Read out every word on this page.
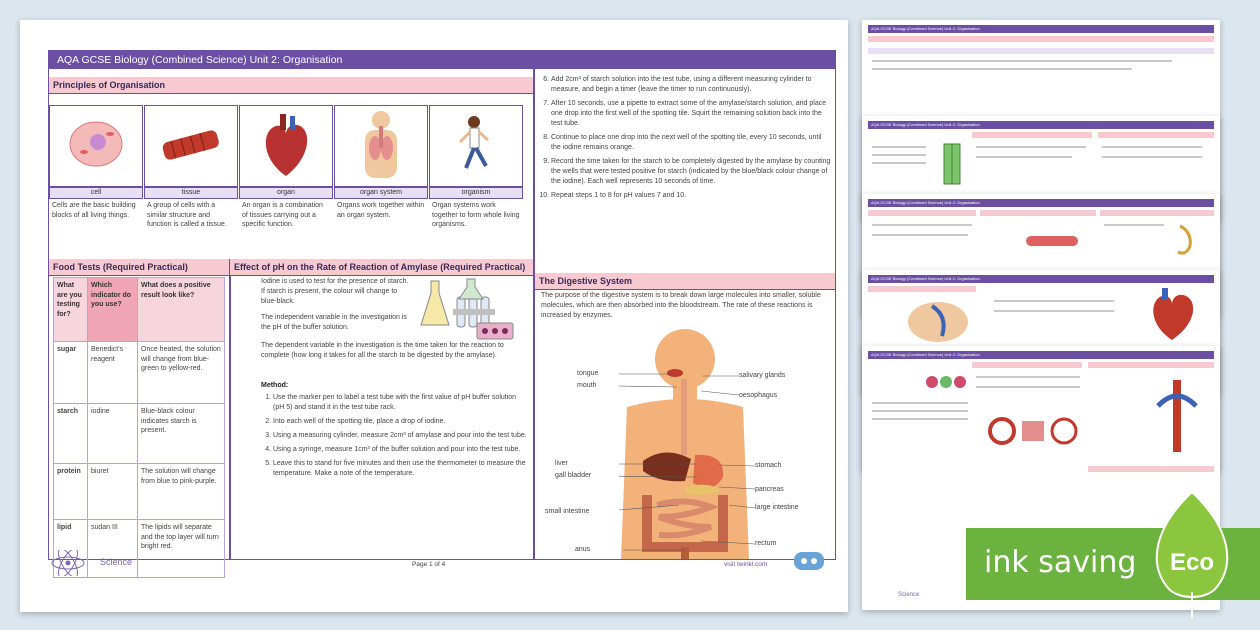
AQA GCSE Biology (Combined Science) Unit 2: Organisation
Principles of Organisation
cell	tissue	organ	organ system	organism
Cells are the basic building blocks of all living things.
A group of cells with a similar structure and function is called a tissue.
An organ is a combination of tissues carrying out a specific function.
Organs work together within an organ system.
Organ systems work together to form whole living organisms.
Food Tests (Required Practical)
What are you testing for?	Which indicator do you use?	What does a positive result look like?
sugar	Benedict's reagent	Once heated, the solution will change from blue-green to yellow-red.
starch	iodine	Blue-black colour indicates starch is present.
protein	biuret	The solution will change from blue to pink-purple.
lipid	sudan III	The lipids will separate and the top layer will turn bright red.
Effect of pH on the Rate of Reaction of Amylase (Required Practical)
Iodine is used to test for the presence of starch. If starch is present, the colour will change to blue-black.
The independent variable in the investigation is the pH of the buffer solution.
The dependent variable in the investigation is the time taken for the reaction to complete (how long it takes for all the starch to be digested by the amylase).
Method:
1. Use the marker pen to label a test tube with the first value of pH buffer solution (pH 5) and stand it in the test tube rack.
2. Into each well of the spotting tile, place a drop of iodine.
3. Using a measuring cylinder, measure 2cm³ of amylase and pour into the test tube.
4. Using a syringe, measure 1cm³ of the buffer solution and pour into the test tube.
5. Leave this to stand for five minutes and then use the thermometer to measure the temperature. Make a note of the temperature.
6. Add 2cm³ of starch solution into the test tube, using a different measuring cylinder to measure, and begin a timer (leave the timer to run continuously).
7. After 10 seconds, use a pipette to extract some of the amylase/starch solution, and place one drop into the first well of the spotting tile. Squirt the remaining solution back into the test tube.
8. Continue to place one drop into the next well of the spotting tile, every 10 seconds, until the iodine remains orange.
9. Record the time taken for the starch to be completely digested by the amylase by counting the wells that were tested positive for starch (indicated by the blue/black colour change of the iodine). Each well represents 10 seconds of time.
10. Repeat steps 1 to 8 for pH values 7 and 10.
The Digestive System
The purpose of the digestive system is to break down large molecules into smaller, soluble molecules, which are then absorbed into the bloodstream. The rate of these reactions is increased by enzymes.
tongue
mouth
liver
gall bladder
small intestine
anus
salivary glands
oesophagus
stomach
pancreas
large intestine
rectum
Science	Page 1 of 4	visit twinkl.com
AQA GCSE Biology (Combined Science) Unit 2: Organisation
AQA GCSE Biology (Combined Science) Unit 2: Organisation
AQA GCSE Biology (Combined Science) Unit 2: Organisation
AQA GCSE Biology (Combined Science) Unit 2: Organisation
AQA GCSE Biology (Combined Science) Unit 2: Organisation
Science
ink saving Eco
